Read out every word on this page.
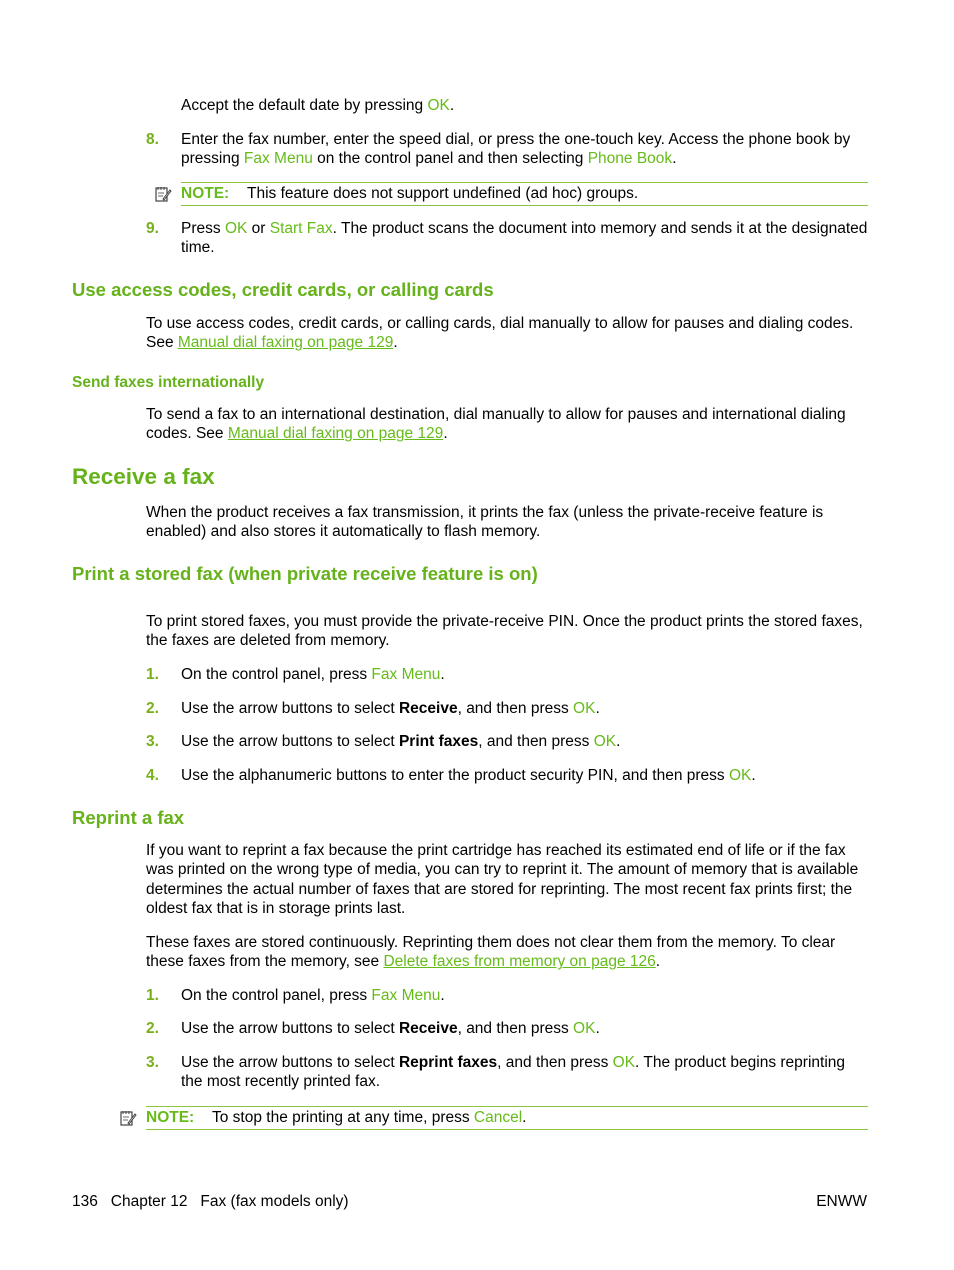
Accept the default date by pressing OK.
8. Enter the fax number, enter the speed dial, or press the one-touch key. Access the phone book by pressing Fax Menu on the control panel and then selecting Phone Book.
NOTE: This feature does not support undefined (ad hoc) groups.
9. Press OK or Start Fax. The product scans the document into memory and sends it at the designated time.
Use access codes, credit cards, or calling cards
To use access codes, credit cards, or calling cards, dial manually to allow for pauses and dialing codes. See Manual dial faxing on page 129.
Send faxes internationally
To send a fax to an international destination, dial manually to allow for pauses and international dialing codes. See Manual dial faxing on page 129.
Receive a fax
When the product receives a fax transmission, it prints the fax (unless the private-receive feature is enabled) and also stores it automatically to flash memory.
Print a stored fax (when private receive feature is on)
To print stored faxes, you must provide the private-receive PIN. Once the product prints the stored faxes, the faxes are deleted from memory.
1. On the control panel, press Fax Menu.
2. Use the arrow buttons to select Receive, and then press OK.
3. Use the arrow buttons to select Print faxes, and then press OK.
4. Use the alphanumeric buttons to enter the product security PIN, and then press OK.
Reprint a fax
If you want to reprint a fax because the print cartridge has reached its estimated end of life or if the fax was printed on the wrong type of media, you can try to reprint it. The amount of memory that is available determines the actual number of faxes that are stored for reprinting. The most recent fax prints first; the oldest fax that is in storage prints last.
These faxes are stored continuously. Reprinting them does not clear them from the memory. To clear these faxes from the memory, see Delete faxes from memory on page 126.
1. On the control panel, press Fax Menu.
2. Use the arrow buttons to select Receive, and then press OK.
3. Use the arrow buttons to select Reprint faxes, and then press OK. The product begins reprinting the most recently printed fax.
NOTE: To stop the printing at any time, press Cancel.
136   Chapter 12   Fax (fax models only)	ENWW
